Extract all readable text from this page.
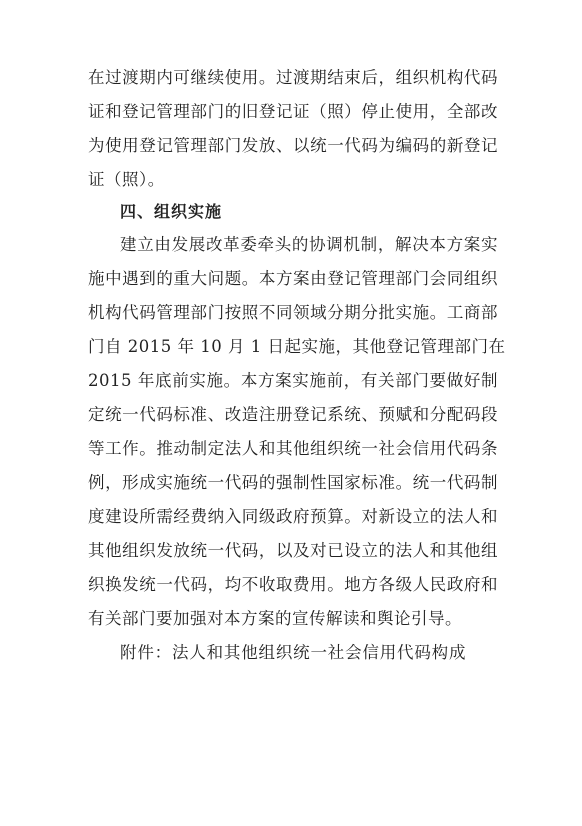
在过渡期内可继续使用。过渡期结束后，组织机构代码
证和登记管理部门的旧登记证（照）停止使用，全部改
为使用登记管理部门发放、以统一代码为编码的新登记
证（照）。
四、组织实施
建立由发展改革委牵头的协调机制，解决本方案实
施中遇到的重大问题。本方案由登记管理部门会同组织
机构代码管理部门按照不同领域分期分批实施。工商部
门自 2015 年 10 月 1 日起实施，其他登记管理部门在
2015 年底前实施。本方案实施前，有关部门要做好制
定统一代码标准、改造注册登记系统、预赋和分配码段
等工作。推动制定法人和其他组织统一社会信用代码条
例，形成实施统一代码的强制性国家标准。统一代码制
度建设所需经费纳入同级政府预算。对新设立的法人和
其他组织发放统一代码，以及对已设立的法人和其他组
织换发统一代码，均不收取费用。地方各级人民政府和
有关部门要加强对本方案的宣传解读和舆论引导。
附件：法人和其他组织统一社会信用代码构成
